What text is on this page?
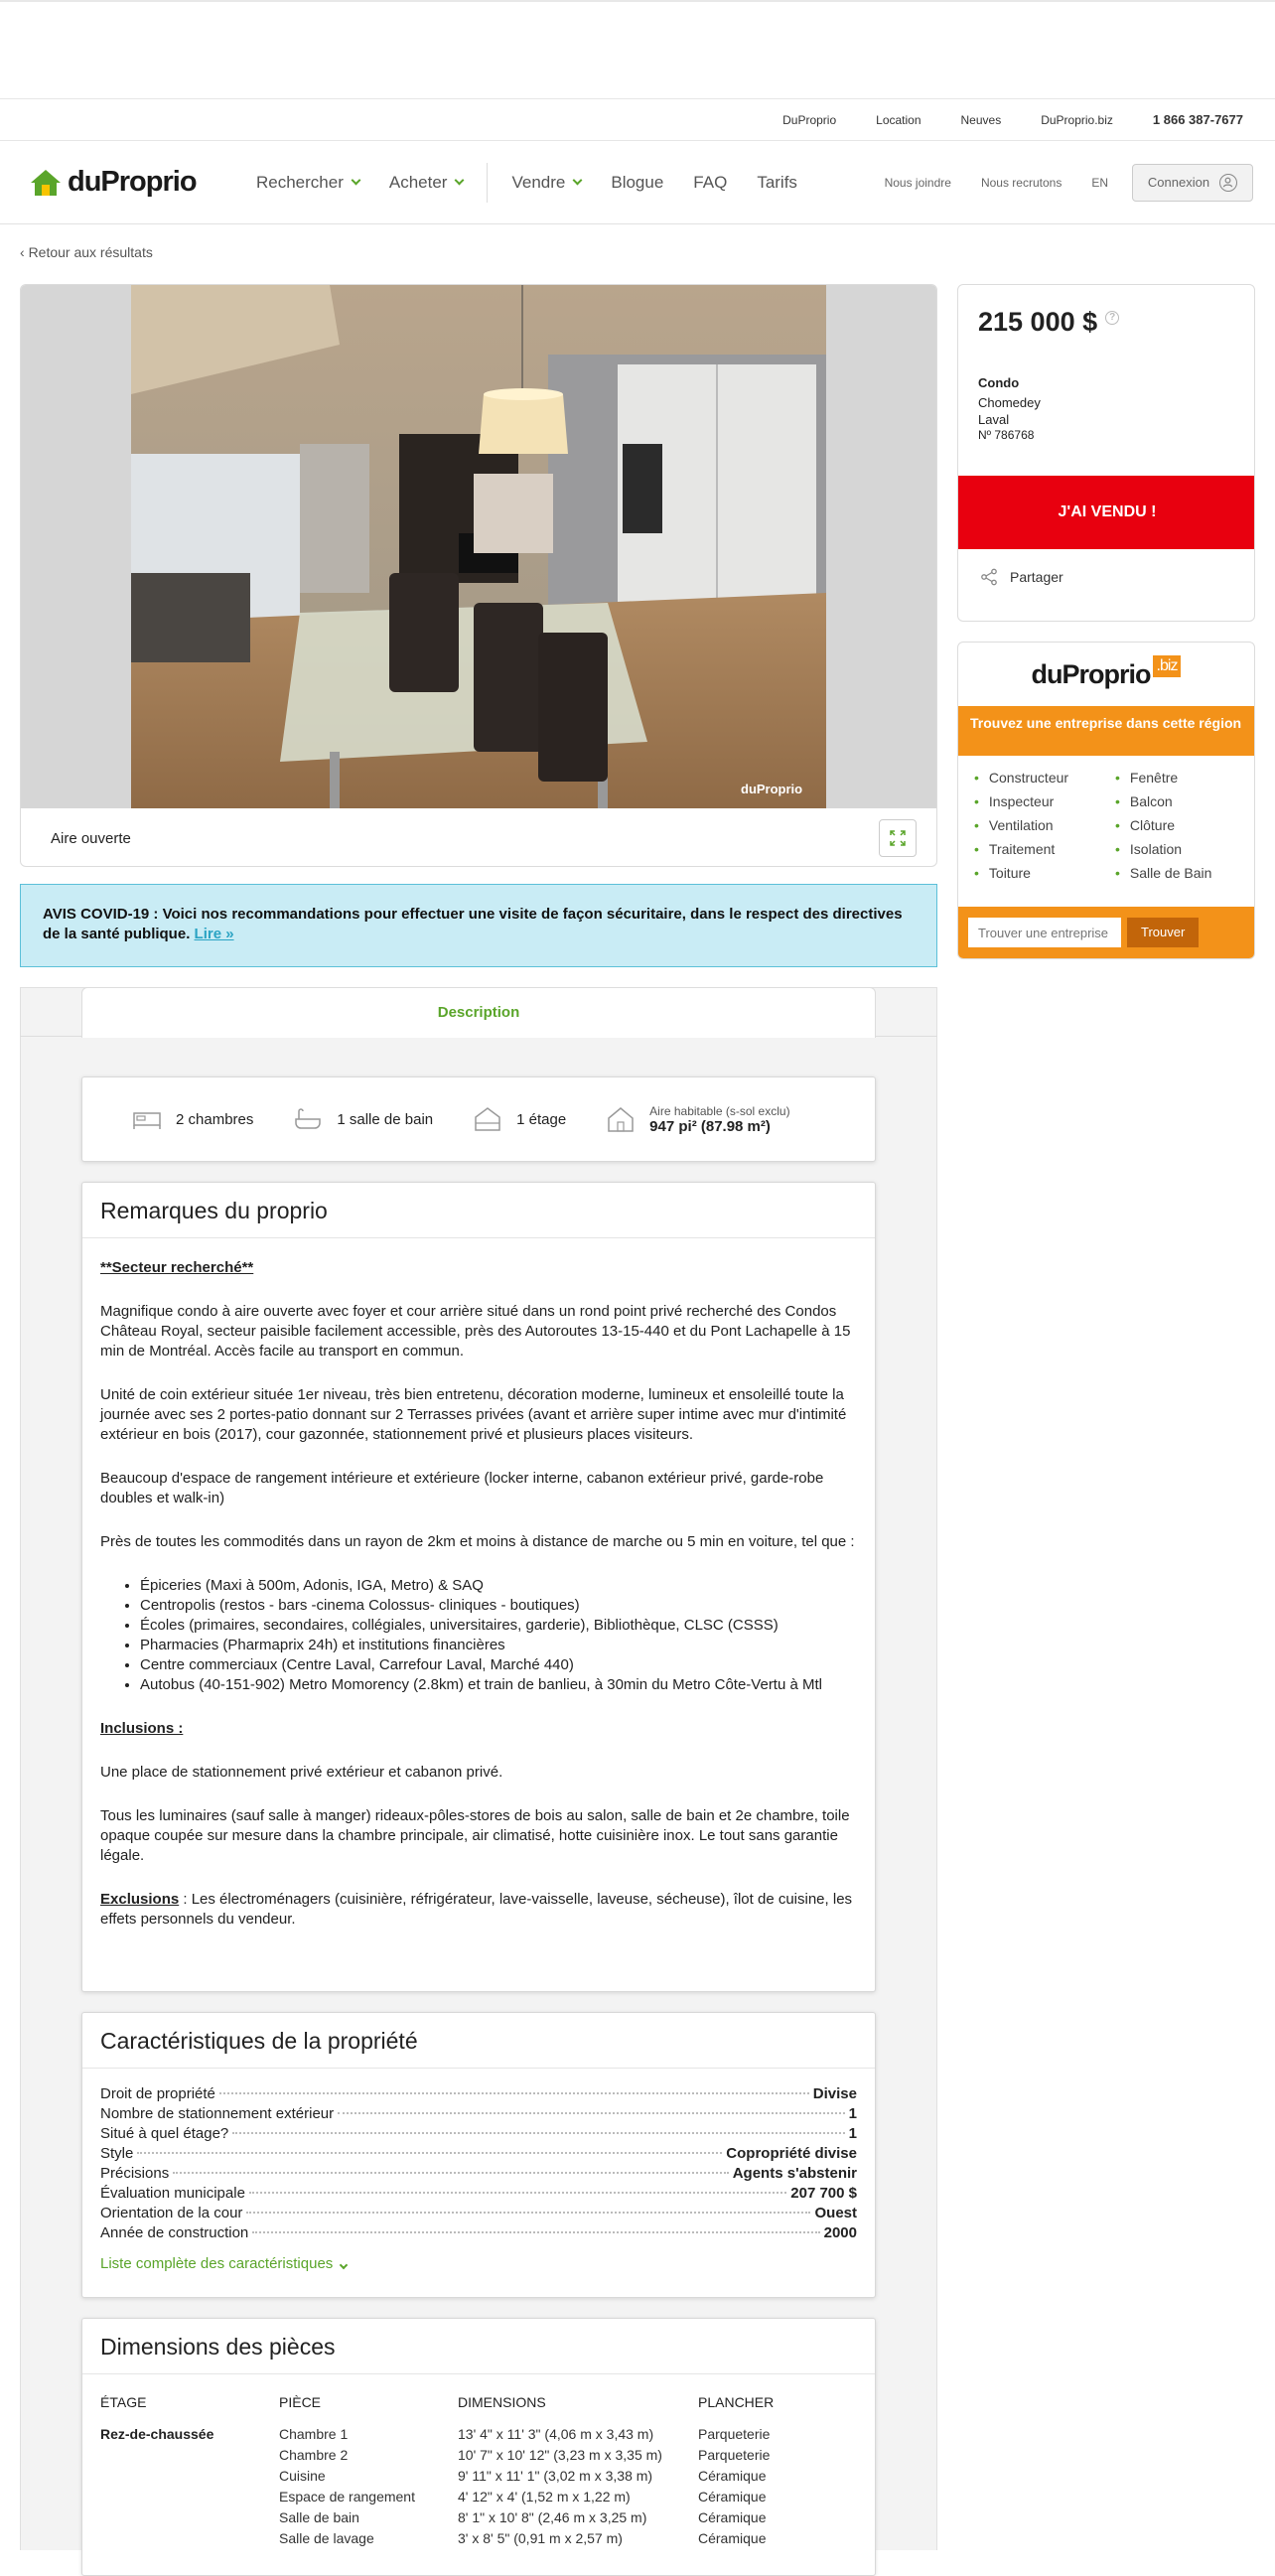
DuProprio	Location	Neuves	DuProprio.biz	1 866 387-7677
duProprio	Rechercher	Acheter	Vendre	Blogue FAQ Tarifs	Nous joindre	Nous recrutons	EN	Connexion
‹ Retour aux résultats
duProprio
Aire ouverte
AVIS COVID-19 : Voici nos recommandations pour effectuer une visite de façon sécuritaire, dans le respect des directives de la santé publique. Lire »
Description
2 chambres	1 salle de bain	1 étage	Aire habitable (s-sol exclu)
947 pi² (87.98 m²)
Remarques du proprio

**Secteur recherché**

Magnifique condo à aire ouverte avec foyer et cour arrière situé dans un rond point privé recherché des Condos Château Royal, secteur paisible facilement accessible, près des Autoroutes 13-15-440 et du Pont Lachapelle à 15 min de Montréal. Accès facile au transport en commun.

Unité de coin extérieur située 1er niveau, très bien entretenu, décoration moderne, lumineux et ensoleillé toute la journée avec ses 2 portes-patio donnant sur 2 Terrasses privées (avant et arrière super intime avec mur d'intimité extérieur en bois (2017), cour gazonnée, stationnement privé et plusieurs places visiteurs.

Beaucoup d'espace de rangement intérieure et extérieure (locker interne, cabanon extérieur privé, garde-robe doubles et walk-in)

Près de toutes les commodités dans un rayon de 2km et moins à distance de marche ou 5 min en voiture, tel que :

• Épiceries (Maxi à 500m, Adonis, IGA, Metro) & SAQ
• Centropolis (restos - bars -cinema Colossus- cliniques - boutiques)
• Écoles (primaires, secondaires, collégiales, universitaires, garderie), Bibliothèque, CLSC (CSSS)
• Pharmacies (Pharmaprix 24h) et institutions financières
• Centre commerciaux (Centre Laval, Carrefour Laval, Marché 440)
• Autobus (40-151-902) Metro Momorency (2.8km) et train de banlieu, à 30min du Metro Côte-Vertu à Mtl

Inclusions :

Une place de stationnement privé extérieur et cabanon privé.

Tous les luminaires (sauf salle à manger) rideaux-pôles-stores de bois au salon, salle de bain et 2e chambre, toile opaque coupée sur mesure dans la chambre principale, air climatisé, hotte cuisinière inox. Le tout sans garantie légale.

Exclusions : Les électroménagers (cuisinière, réfrigérateur, lave-vaisselle, laveuse, sécheuse), îlot de cuisine, les effets personnels du vendeur.

Caractéristiques de la propriété
Droit de propriété	Divise
Nombre de stationnement extérieur	1
Situé à quel étage?	1
Style	Copropriété divise
Précisions	Agents s'abstenir
Évaluation municipale	207 700 $
Orientation de la cour	Ouest
Année de construction	2000
Liste complète des caractéristiques
Dimensions des pièces
ÉTAGE	PIÈCE	DIMENSIONS	PLANCHER
Rez-de-chaussée	Chambre 1	13' 4" x 11' 3" (4,06 m x 3,43 m)	Parqueterie
	Chambre 2	10' 7" x 10' 12" (3,23 m x 3,35 m)	Parqueterie
	Cuisine	9' 11" x 11' 1" (3,02 m x 3,38 m)	Céramique
	Espace de rangement	4' 12" x 4' (1,52 m x 1,22 m)	Céramique
	Salle de bain	8' 1" x 10' 8" (2,46 m x 3,25 m)	Céramique
	Salle de lavage	3' x 8' 5" (0,91 m x 2,57 m)	Céramique
215 000 $ ?
Condo
Chomedey
Laval
Nº 786768
J'AI VENDU !
Partager
duProprio .biz
Trouvez une entreprise dans cette région
• Constructeur	• Fenêtre
• Inspecteur	• Balcon
• Ventilation	• Clôture
• Traitement	• Isolation
• Toiture	• Salle de Bain
Trouver une entreprise
Trouver
